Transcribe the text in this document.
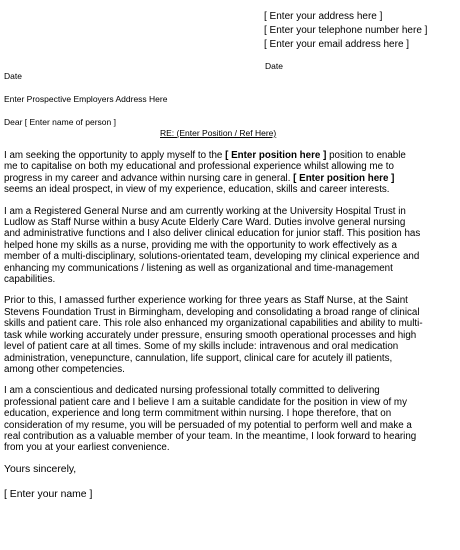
[ Enter your address here ]
[ Enter your telephone number here ]
[ Enter your email address here ]
Date
Date
Enter Prospective Employers Address Here
Dear [ Enter name of person ]
RE: (Enter Position / Ref Here)

I am seeking the opportunity to apply myself to the [ Enter position here ] position to enable
me to capitalise on both my educational and professional experience whilst allowing me to
progress in my career and advance within nursing care in general. [ Enter position here ]
seems an ideal prospect, in view of my experience, education, skills and career interests.

I am a Registered General Nurse and am currently working at the University Hospital Trust in
Ludlow as Staff Nurse within a busy Acute Elderly Care Ward. Duties involve general nursing
and administrative functions and I also deliver clinical education for junior staff. This position has
helped hone my skills as a nurse, providing me with the opportunity to work effectively as a
member of a multi-disciplinary, solutions-orientated team, developing my clinical experience and
enhancing my communications / listening as well as organizational and time-management
capabilities.

Prior to this, I amassed further experience working for three years as Staff Nurse, at the Saint
Stevens Foundation Trust in Birmingham, developing and consolidating a broad range of clinical
skills and patient care. This role also enhanced my organizational capabilities and ability to multi-
task while working accurately under pressure, ensuring smooth operational processes and high
level of patient care at all times. Some of my skills include: intravenous and oral medication
administration, venepuncture, cannulation, life support, clinical care for acutely ill patients,
among other competencies.

I am a conscientious and dedicated nursing professional totally committed to delivering
professional patient care and I believe I am a suitable candidate for the position in view of my
education, experience and long term commitment within nursing. I hope therefore, that on
consideration of my resume, you will be persuaded of my potential to perform well and make a
real contribution as a valuable member of your team. In the meantime, I look forward to hearing
from you at your earliest convenience.

Yours sincerely,
[ Enter your name ]
